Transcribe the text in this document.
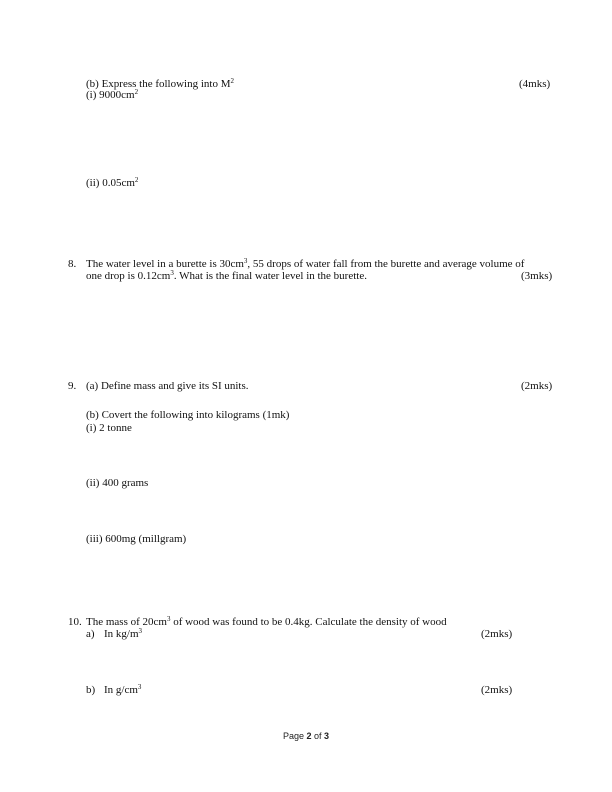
(b) Express the following into $M^2$	(4mks)
(i) $9000cm^2$
(ii) $0.05cm^2$
8. The water level in a burette is $30cm^3$, 55 drops of water fall from the burette and average volume of
one drop is $0.12cm^3$. What is the final water level in the burette.	(3mks)
9. (a) Define mass and give its SI units.	(2mks)
(b) Covert the following into kilograms (1mk)
(i) 2 tonne
(ii) 400 grams
(iii) 600mg (millgram)
10. The mass of $20cm^3$ of wood was found to be 0.4kg. Calculate the density of wood
a) In $kg/m^3$	(2mks)
b) In $g/cm^3$	(2mks)
Page 2 of 3
